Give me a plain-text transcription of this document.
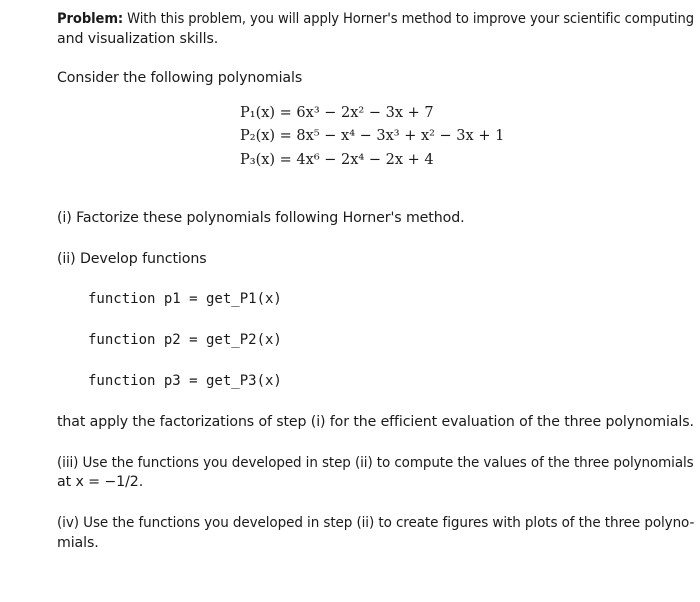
Problem: With this problem, you will apply Horner's method to improve your scientific computing
and visualization skills.
Consider the following polynomials
P₁(x) = 6x³ − 2x² − 3x + 7
P₂(x) = 8x⁵ − x⁴ − 3x³ + x² − 3x + 1
P₃(x) = 4x⁶ − 2x⁴ − 2x + 4
(i) Factorize these polynomials following Horner's method.
(ii) Develop functions
function p1 = get_P1(x)
function p2 = get_P2(x)
function p3 = get_P3(x)
that apply the factorizations of step (i) for the efficient evaluation of the three polynomials.
(iii) Use the functions you developed in step (ii) to compute the values of the three polynomials
at x = −1/2.
(iv) Use the functions you developed in step (ii) to create figures with plots of the three polyno-
mials.
